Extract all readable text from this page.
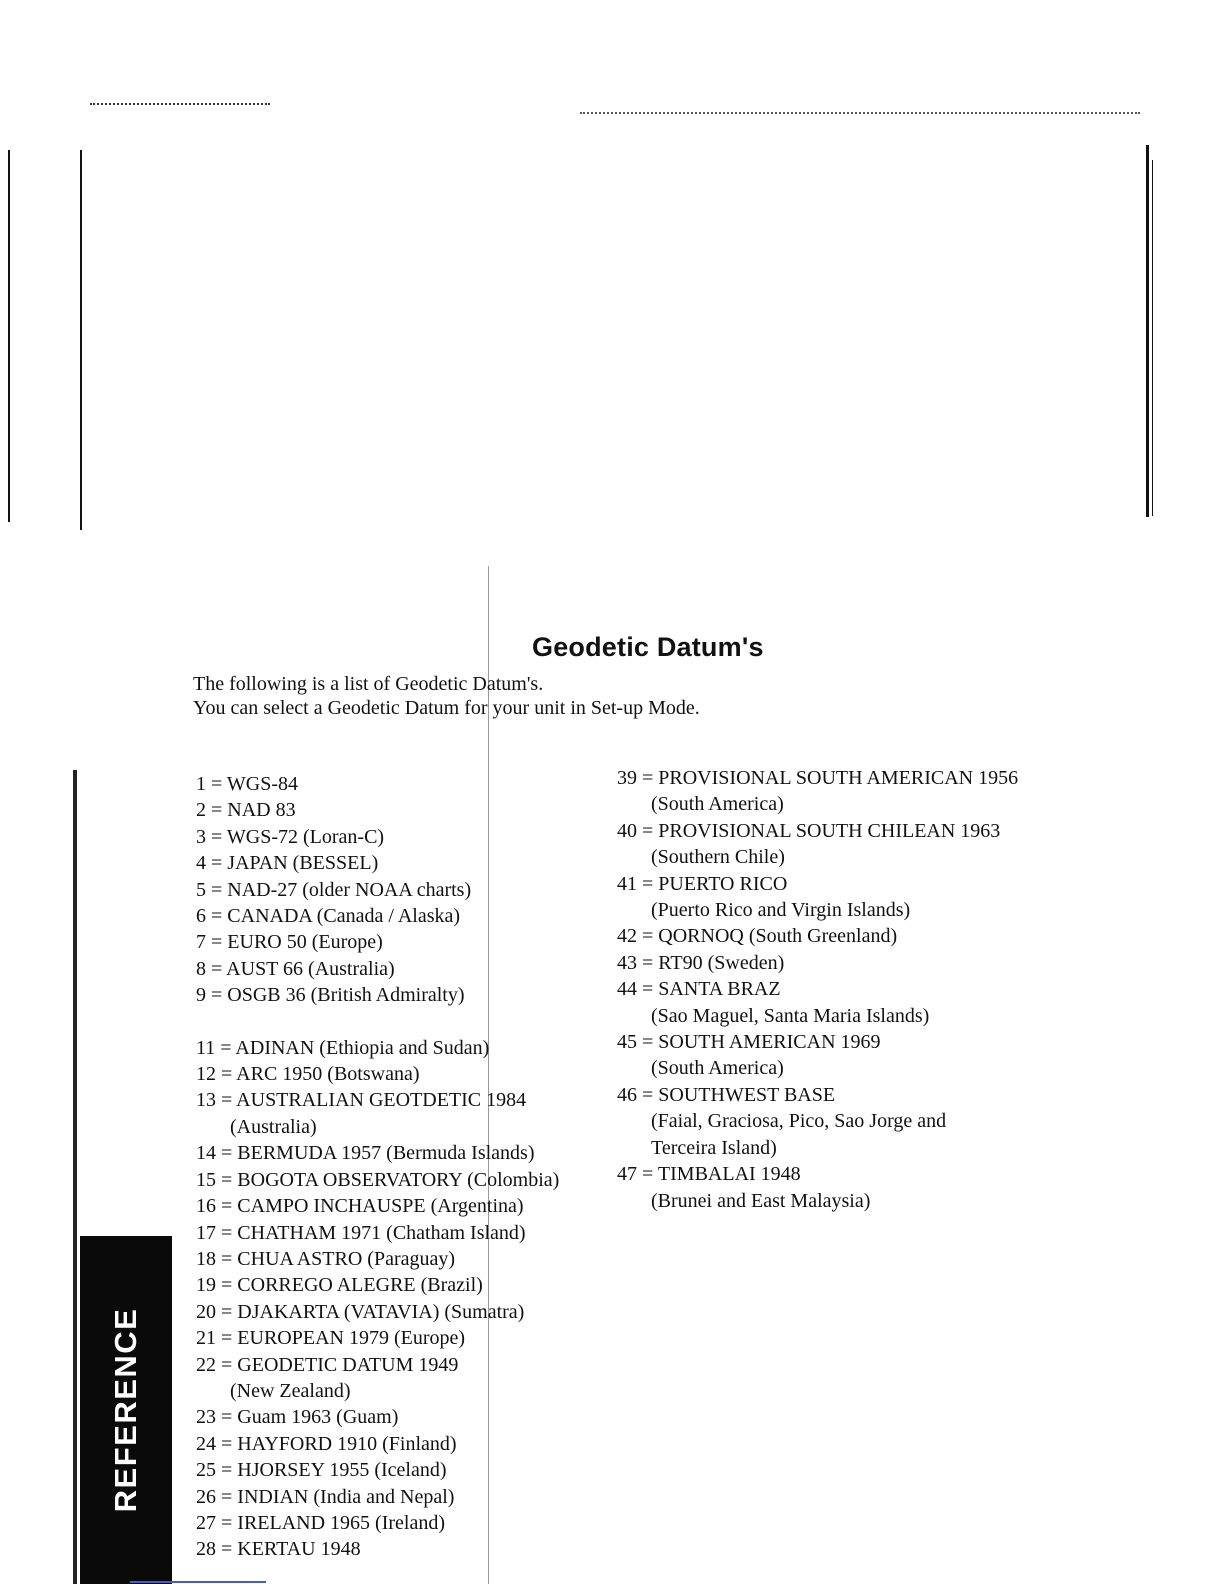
Geodetic Datum's
The following is a list of Geodetic Datum's.
You can select a Geodetic Datum for your unit in Set-up Mode.
1 = WGS-84
2 = NAD 83
3 = WGS-72 (Loran-C)
4 = JAPAN (BESSEL)
5 = NAD-27 (older NOAA charts)
6 = CANADA (Canada / Alaska)
7 = EURO 50 (Europe)
8 = AUST 66 (Australia)
9 = OSGB 36 (British Admiralty)
11 = ADINAN (Ethiopia and Sudan)
12 = ARC 1950 (Botswana)
13 = AUSTRALIAN GEOTDETIC 1984
(Australia)
14 = BERMUDA 1957 (Bermuda Islands)
15 = BOGOTA OBSERVATORY (Colombia)
16 = CAMPO INCHAUSPE (Argentina)
17 = CHATHAM 1971 (Chatham Island)
18 = CHUA ASTRO (Paraguay)
19 = CORREGO ALEGRE (Brazil)
20 = DJAKARTA (VATAVIA) (Sumatra)
21 = EUROPEAN 1979 (Europe)
22 = GEODETIC DATUM 1949
(New Zealand)
23 = Guam 1963 (Guam)
24 = HAYFORD 1910 (Finland)
25 = HJORSEY 1955 (Iceland)
26 = INDIAN (India and Nepal)
27 = IRELAND 1965 (Ireland)
28 = KERTAU 1948
39 = PROVISIONAL SOUTH AMERICAN 1956
(South America)
40 = PROVISIONAL SOUTH CHILEAN 1963
(Southern Chile)
41 = PUERTO RICO
(Puerto Rico and Virgin Islands)
42 = QORNOQ (South Greenland)
43 = RT90 (Sweden)
44 = SANTA BRAZ
(Sao Maguel, Santa Maria Islands)
45 = SOUTH AMERICAN 1969
(South America)
46 = SOUTHWEST BASE
(Faial, Graciosa, Pico, Sao Jorge and
Terceira Island)
47 = TIMBALAI 1948
(Brunei and East Malaysia)
REFERENCE
